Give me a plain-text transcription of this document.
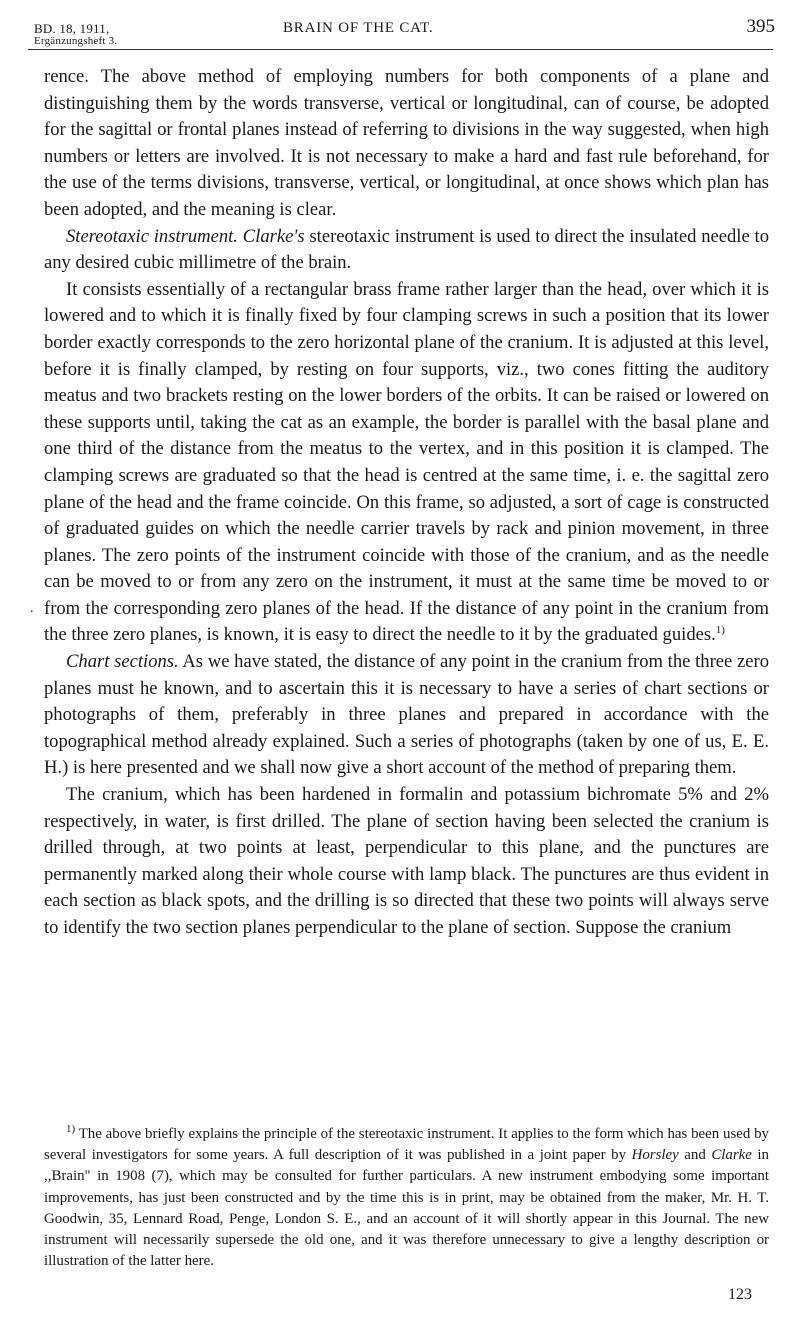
BD. 18, 1911,
Ergänzungsheft 3.
BRAIN OF THE CAT.	395

rence. The above method of employing numbers for both components of a plane and distinguishing them by the words transverse, vertical or longitudinal, can of course, be adopted for the sagittal or frontal planes instead of referring to divisions in the way suggested, when high numbers or letters are involved. It is not necessary to make a hard and fast rule beforehand, for the use of the terms divisions, transverse, vertical, or longitudinal, at once shows which plan has been adopted, and the meaning is clear.

Stereotaxic instrument. Clarke's stereotaxic instrument is used to direct the insulated needle to any desired cubic millimetre of the brain.

It consists essentially of a rectangular brass frame rather larger than the head, over which it is lowered and to which it is finally fixed by four clamping screws in such a position that its lower border exactly corresponds to the zero horizontal plane of the cranium. It is adjusted at this level, before it is finally clamped, by resting on four supports, viz., two cones fitting the auditory meatus and two brackets resting on the lower borders of the orbits. It can be raised or lowered on these supports until, taking the cat as an example, the border is parallel with the basal plane and one third of the distance from the meatus to the vertex, and in this position it is clamped. The clamping screws are graduated so that the head is centred at the same time, i. e. the sagittal zero plane of the head and the frame coincide. On this frame, so adjusted, a sort of cage is constructed of graduated guides on which the needle carrier travels by rack and pinion movement, in three planes. The zero points of the instrument coincide with those of the cranium, and as the needle can be moved to or from any zero on the instrument, it must at the same time be moved to or from the corresponding zero planes of the head. If the distance of any point in the cranium from the three zero planes, is known, it is easy to direct the needle to it by the graduated guides.$^{1)}$

Chart sections. As we have stated, the distance of any point in the cranium from the three zero planes must he known, and to ascertain this it is necessary to have a series of chart sections or photographs of them, preferably in three planes and prepared in accordance with the topographical method already explained. Such a series of photographs (taken by one of us, E. E. H.) is here presented and we shall now give a short account of the method of preparing them.

The cranium, which has been hardened in formalin and potassium bichromate 5% and 2% respectively, in water, is first drilled. The plane of section having been selected the cranium is drilled through, at two points at least, perpendicular to this plane, and the punctures are permanently marked along their whole course with lamp black. The punctures are thus evident in each section as black spots, and the drilling is so directed that these two points will always serve to identify the two section planes perpendicular to the plane of section. Suppose the cranium

.

$^{1)}$ The above briefly explains the principle of the stereotaxic instrument. It applies to the form which has been used by several investigators for some years. A full description of it was published in a joint paper by Horsley and Clarke in ,,Brain" in 1908 (7), which may be consulted for further particulars. A new instrument embodying some important improvements, has just been constructed and by the time this is in print, may be obtained from the maker, Mr. H. T. Goodwin, 35, Lennard Road, Penge, London S. E., and an account of it will shortly appear in this Journal. The new instrument will necessarily supersede the old one, and it was therefore unnecessary to give a lengthy description or illustration of the latter here.

123
